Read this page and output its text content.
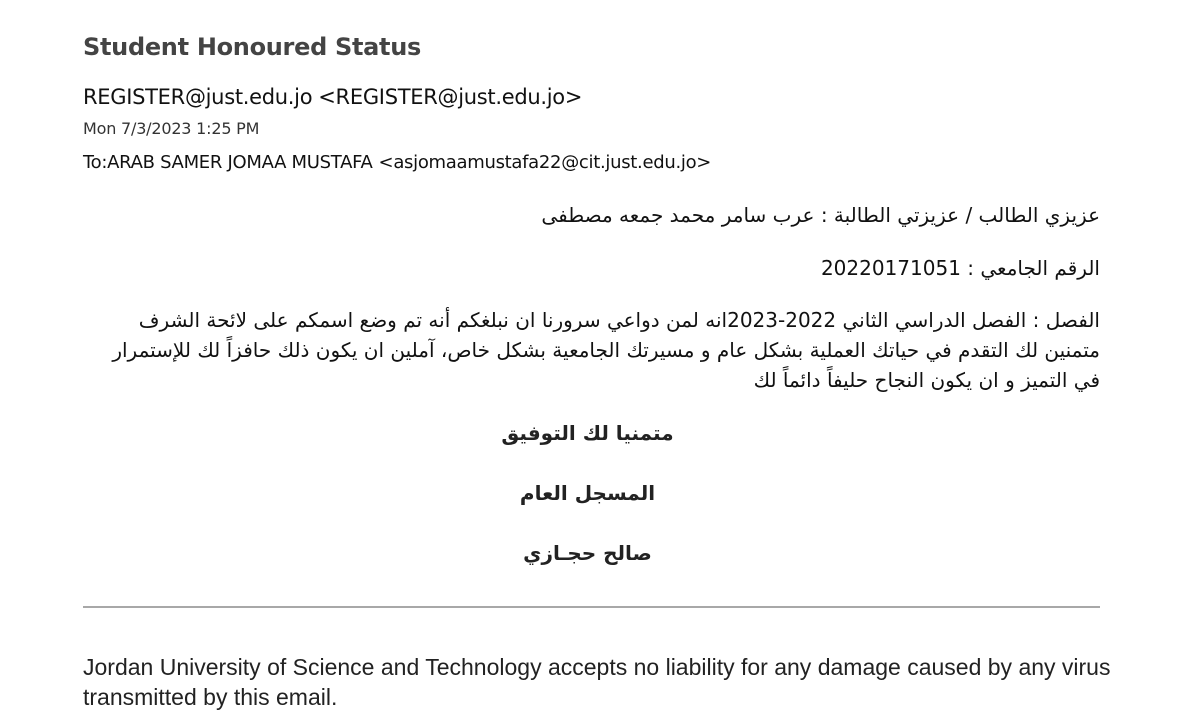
Student Honoured Status
REGISTER@just.edu.jo <REGISTER@just.edu.jo>
Mon 7/3/2023 1:25 PM
To:ARAB SAMER JOMAA MUSTAFA <asjomaamustafa22@cit.just.edu.jo>

عزيزي الطالب / عزيزتي الطالبة : عرب سامر محمد جمعه مصطفى

الرقم الجامعي : 20220171051

الفصل : الفصل الدراسي الثاني 2022-2023انه لمن دواعي سرورنا ان نبلغكم أنه تم وضع اسمكم على لائحة الشرف متمنين لك التقدم في حياتك العملية بشكل عام و مسيرتك الجامعية بشكل خاص، آملين ان يكون ذلك حافزاً لك للإستمرار في التميز و ان يكون النجاح حليفاً دائماً لك

متمنيا لك التوفيق

المسجل العام

صالح حجـازي

Jordan University of Science and Technology accepts no liability for any damage caused by any virus transmitted by this email.
